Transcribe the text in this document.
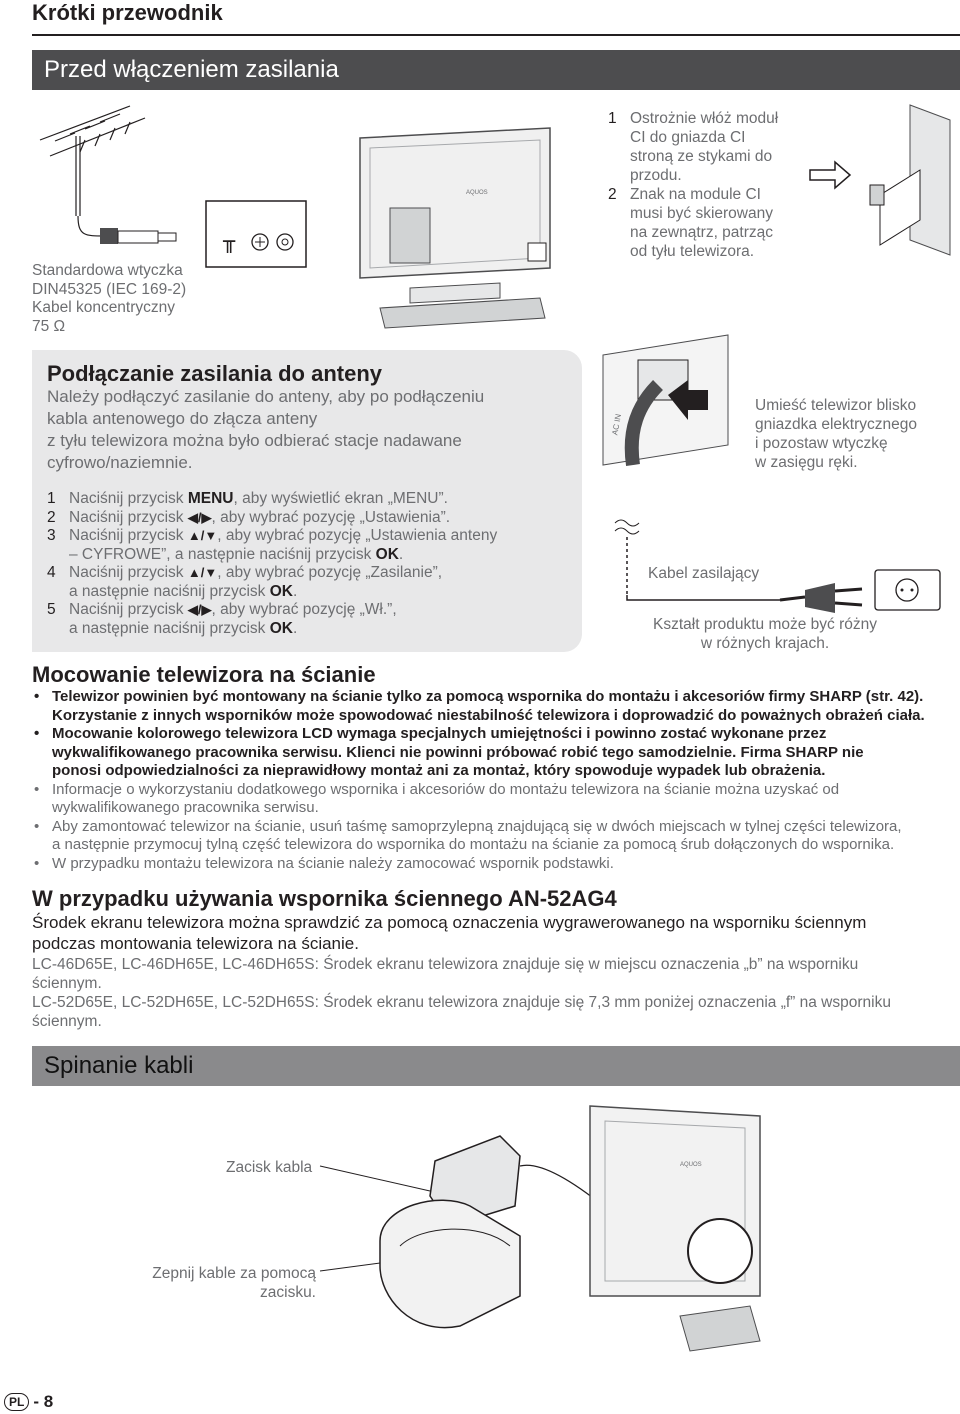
Krótki przewodnik
Przed włączeniem zasilania
Standardowa wtyczka
DIN45325 (IEC 169-2)
Kabel koncentryczny
75 Ω
╥
AQUOS
1 Ostrożnie włóż moduł
CI do gniazda CI
stroną ze stykami do
przodu.
2 Znak na module CI
musi być skierowany
na zewnątrz, patrząc
od tyłu telewizora.
Podłączanie zasilania do anteny
Należy podłączyć zasilanie do anteny, aby po podłączeniu
kabla antenowego do złącza anteny
z tyłu telewizora można było odbierać stacje nadawane
cyfrowo/naziemnie.
1 Naciśnij przycisk MENU, aby wyświetlić ekran „MENU”.
2 Naciśnij przycisk ◀/▶, aby wybrać pozycję „Ustawienia”.
3 Naciśnij przycisk ▲/▼, aby wybrać pozycję „Ustawienia anteny
– CYFROWE”, a następnie naciśnij przycisk OK.
4 Naciśnij przycisk ▲/▼, aby wybrać pozycję „Zasilanie”,
a następnie naciśnij przycisk OK.
5 Naciśnij przycisk ◀/▶, aby wybrać pozycję „Wł.”,
a następnie naciśnij przycisk OK.
AC IN
Umieść telewizor blisko
gniazdka elektrycznego
i pozostaw wtyczkę
w zasięgu ręki.
Kabel zasilający
Kształt produktu może być różny
w różnych krajach.
Mocowanie telewizora na ścianie
• Telewizor powinien być montowany na ścianie tylko za pomocą wspornika do montażu i akcesoriów firmy SHARP (str. 42).
Korzystanie z innych wsporników może spowodować niestabilność telewizora i doprowadzić do poważnych obrażeń ciała.
• Mocowanie kolorowego telewizora LCD wymaga specjalnych umiejętności i powinno zostać wykonane przez
wykwalifikowanego pracownika serwisu. Klienci nie powinni próbować robić tego samodzielnie. Firma SHARP nie
ponosi odpowiedzialności za nieprawidłowy montaż ani za montaż, który spowoduje wypadek lub obrażenia.
• Informacje o wykorzystaniu dodatkowego wspornika i akcesoriów do montażu telewizora na ścianie można uzyskać od
wykwalifikowanego pracownika serwisu.
• Aby zamontować telewizor na ścianie, usuń taśmę samoprzylepną znajdującą się w dwóch miejscach w tylnej części telewizora,
a następnie przymocuj tylną część telewizora do wspornika do montażu na ścianie za pomocą śrub dołączonych do wspornika.
• W przypadku montażu telewizora na ścianie należy zamocować wspornik podstawki.
W przypadku używania wspornika ściennego AN-52AG4
Środek ekranu telewizora można sprawdzić za pomocą oznaczenia wygrawerowanego na wsporniku ściennym
podczas montowania telewizora na ścianie.
LC-46D65E, LC-46DH65E, LC-46DH65S: Środek ekranu telewizora znajduje się w miejscu oznaczenia „b” na wsporniku
ściennym.
LC-52D65E, LC-52DH65E, LC-52DH65S: Środek ekranu telewizora znajduje się 7,3 mm poniżej oznaczenia „f” na wsporniku
ściennym.
Spinanie kabli
Zacisk kabla
Zepnij kable za pomocą
zacisku.
AQUOS
PL - 8
